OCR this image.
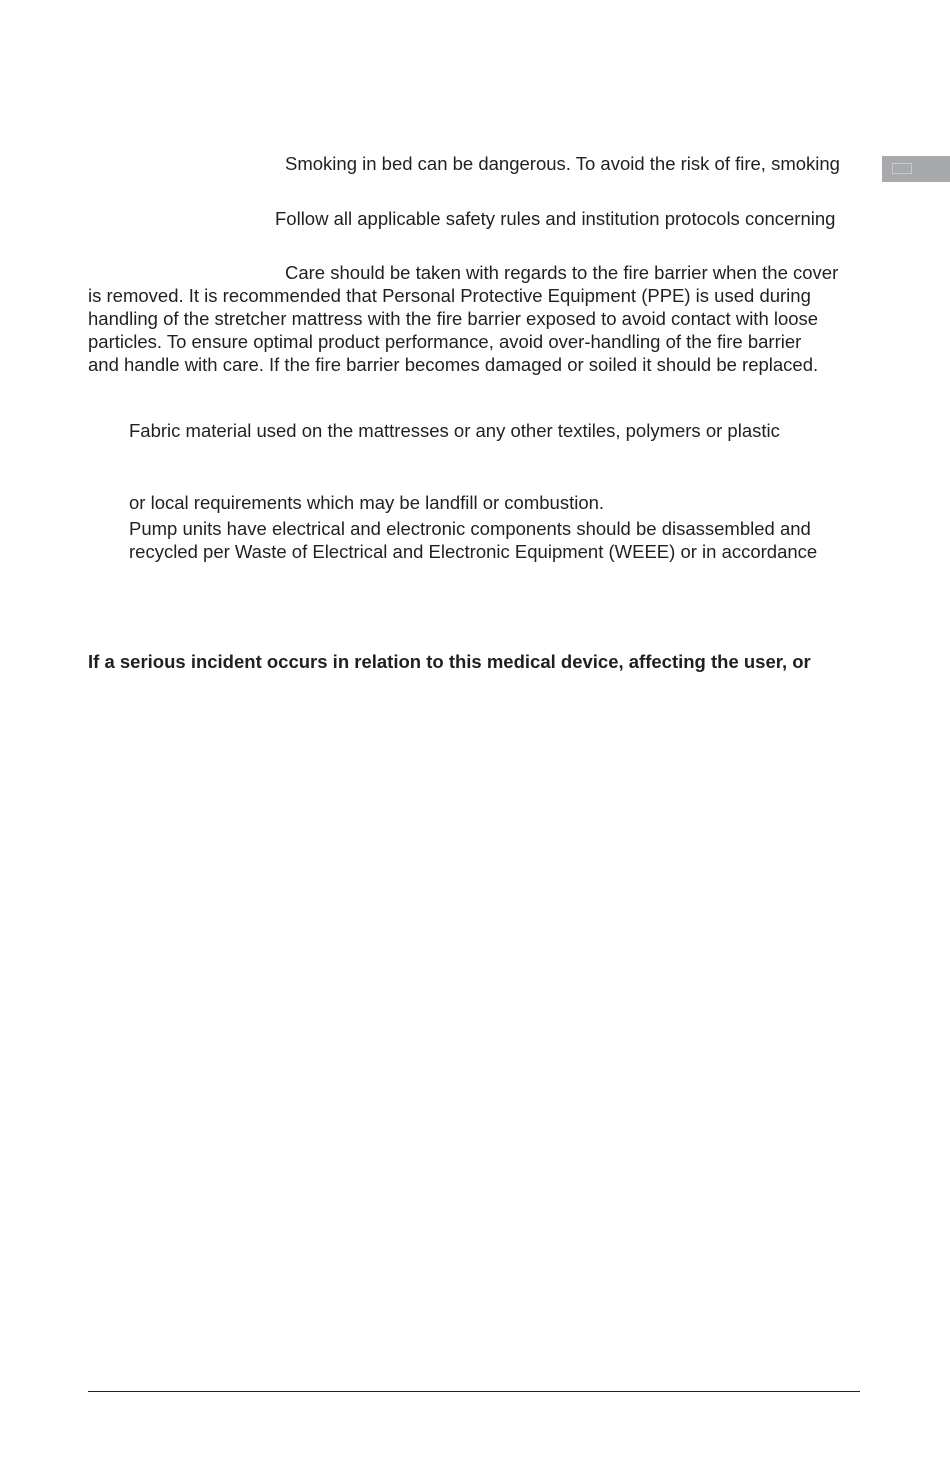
Smoking in bed can be dangerous. To avoid the risk of fire, smoking
Follow all applicable safety rules and institution protocols concerning
Care should be taken with regards to the fire barrier when the cover
is removed. It is recommended that Personal Protective Equipment (PPE) is used during
handling of the stretcher mattress with the fire barrier exposed to avoid contact with loose
particles. To ensure optimal product performance, avoid over-handling of the fire barrier
and handle with care. If the fire barrier becomes damaged or soiled it should be replaced.
Fabric material used on the mattresses or any other textiles, polymers or plastic
or local requirements which may be landfill or combustion.
Pump units have electrical and electronic components should be disassembled and
recycled per Waste of Electrical and Electronic Equipment (WEEE) or in accordance
If a serious incident occurs in relation to this medical device, affecting the user, or
